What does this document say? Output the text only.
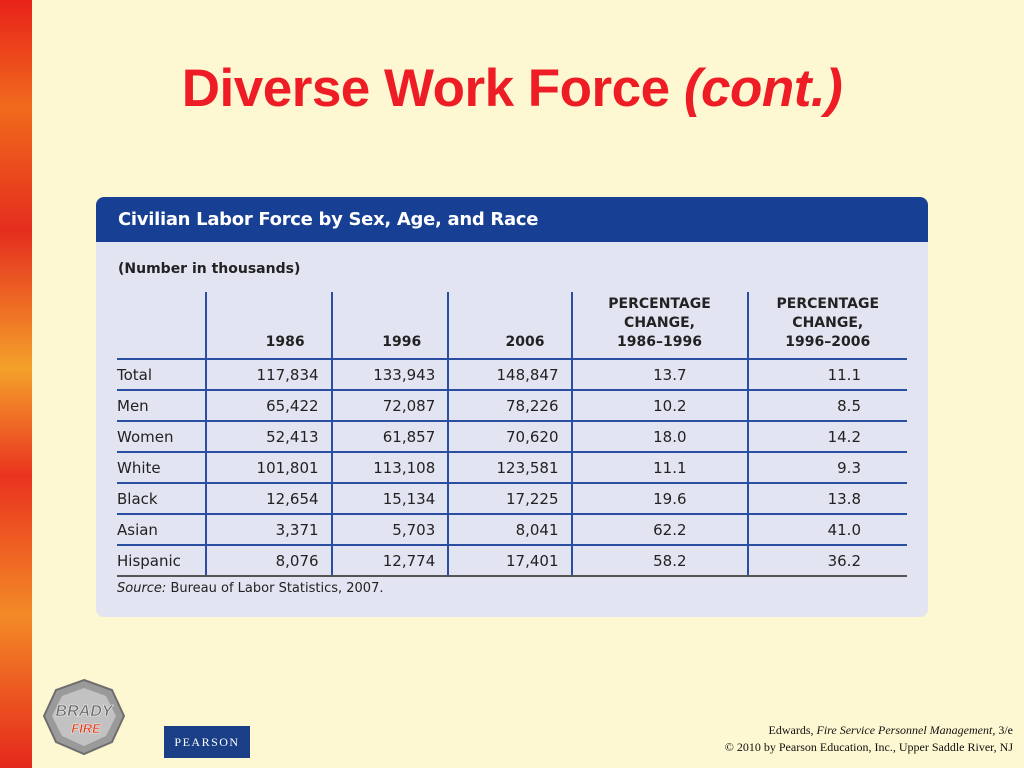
Diverse Work Force (cont.)
Civilian Labor Force by Sex, Age, and Race
(Number in thousands)
	1986	1996	2006	PERCENTAGE
CHANGE,
1986–1996	PERCENTAGE
CHANGE,
1996–2006
Total	117,834	133,943	148,847	13.7	11.1
Men	65,422	72,087	78,226	10.2	8.5
Women	52,413	61,857	70,620	18.0	14.2
White	101,801	113,108	123,581	11.1	9.3
Black	12,654	15,134	17,225	19.6	13.8
Asian	3,371	5,703	8,041	62.2	41.0
Hispanic	8,076	12,774	17,401	58.2	36.2
Source: Bureau of Labor Statistics, 2007.
BRADY
FIRE
PEARSON
Edwards, Fire Service Personnel Management, 3/e
© 2010 by Pearson Education, Inc., Upper Saddle River, NJ
